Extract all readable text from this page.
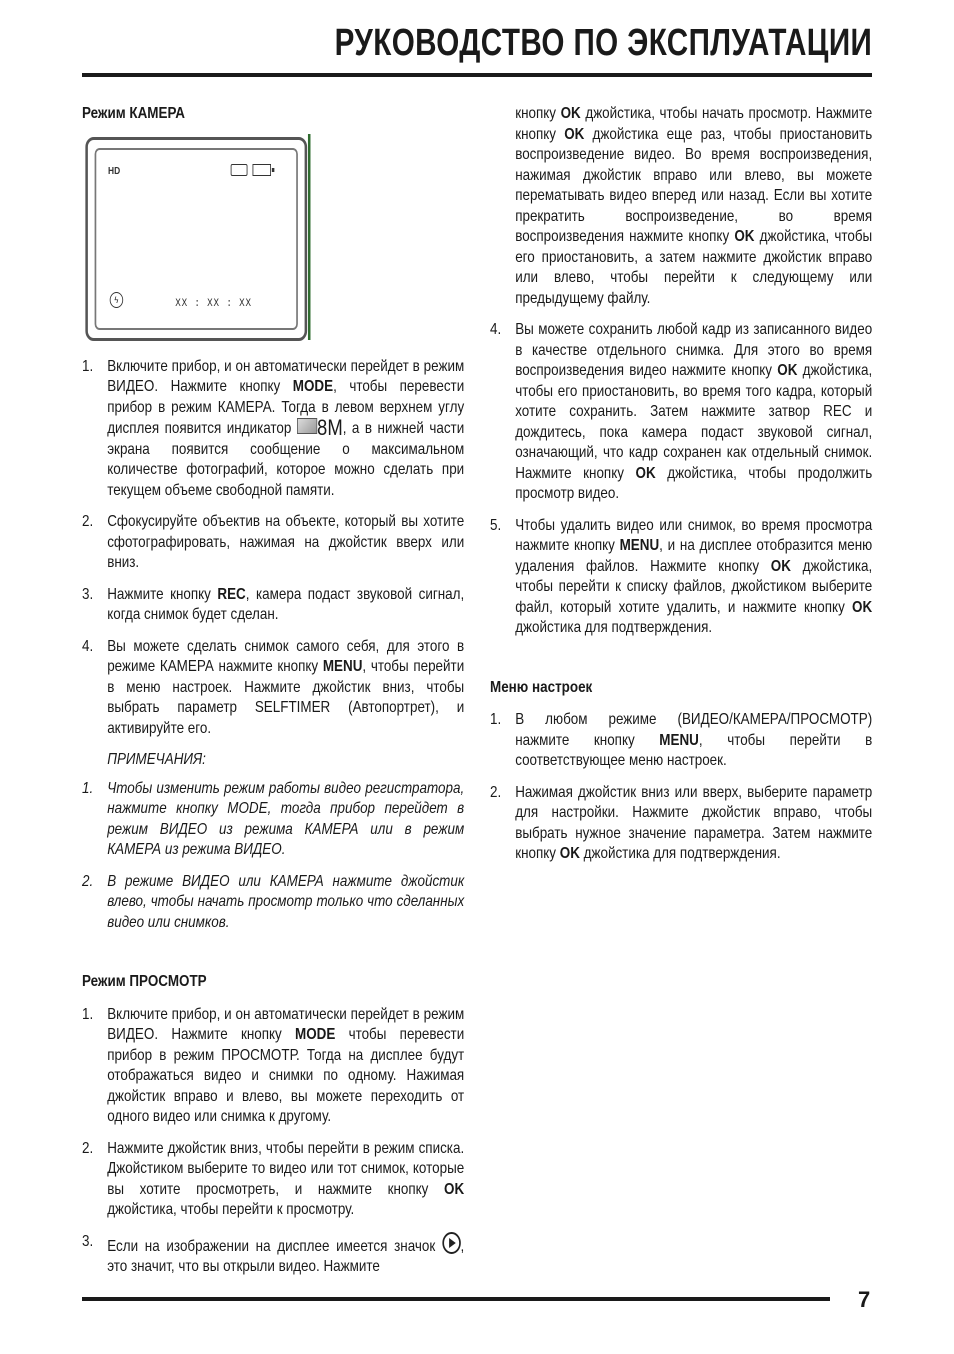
РУКОВОДСТВО ПО ЭКСПЛУАТАЦИИ
Режим КАМЕРА
HD
ϟ	XX : XX : XX
1. Включите прибор, и он автоматически перейдет в режим ВИДЕО. Нажмите кнопку MODE, чтобы перевести прибор в режим КАМЕРА. Тогда в левом верхнем углу дисплея появится индикатор 8M, а в нижней части экрана появится сообщение о максимальном количестве фотографий, которое можно сделать при текущем объеме свободной памяти.
2. Сфокусируйте объектив на объекте, который вы хотите сфотографировать, нажимая на джойстик вверх или вниз.
3. Нажмите кнопку REC, камера подаст звуковой сигнал, когда снимок будет сделан.
4. Вы можете сделать снимок самого себя, для этого в режиме КАМЕРА нажмите кнопку MENU, чтобы перейти в меню настроек. Нажмите джойстик вниз, чтобы выбрать параметр SELFTIMER (Автопортрет), и активируйте его.
ПРИМЕЧАНИЯ:
1. Чтобы изменить режим работы видео регистратора, нажмите кнопку MODE, тогда прибор перейдет в режим ВИДЕО из режима КАМЕРА или в режим КАМЕРА из режима ВИДЕО.
2. В режиме ВИДЕО или КАМЕРА нажмите джойстик влево, чтобы начать просмотр только что сделанных видео или снимков.
Режим ПРОСМОТР
1. Включите прибор, и он автоматически перейдет в режим ВИДЕО. Нажмите кнопку MODE чтобы перевести прибор в режим ПРОСМОТР. Тогда на дисплее будут отображаться видео и снимки по одному. Нажимая джойстик вправо и влево, вы можете переходить от одного видео или снимка к другому.
2. Нажмите джойстик вниз, чтобы перейти в режим списка. Джойстиком выберите то видео или тот снимок, которые вы хотите просмотреть, и нажмите кнопку OK джойстика, чтобы перейти к просмотру.
3. Если на изображении на дисплее имеется значок , это значит, что вы открыли видео. Нажмите
кнопку OK джойстика, чтобы начать просмотр. Нажмите кнопку OK джойстика еще раз, чтобы приостановить воспроизведение видео. Во время воспроизведения, нажимая джойстик вправо или влево, вы можете перематывать видео вперед или назад. Если вы хотите прекратить воспроизведение, во время воспроизведения нажмите кнопку OK джойстика, чтобы его приостановить, а затем нажмите джойстик вправо или влево, чтобы перейти к следующему или предыдущему файлу.
4. Вы можете сохранить любой кадр из записанного видео в качестве отдельного снимка. Для этого во время воспроизведения видео нажмите кнопку OK джойстика, чтобы его приостановить, во время того кадра, который хотите сохранить. Затем нажмите затвор REC и дождитесь, пока камера подаст звуковой сигнал, означающий, что кадр сохранен как отдельный снимок. Нажмите кнопку OK джойстика, чтобы продолжить просмотр видео.
5. Чтобы удалить видео или снимок, во время просмотра нажмите кнопку MENU, и на дисплее отобразится меню удаления файлов. Нажмите кнопку OK джойстика, чтобы перейти к списку файлов, джойстиком выберите файл, который хотите удалить, и нажмите кнопку OK джойстика для подтверждения.
Меню настроек
1. В любом режиме (ВИДЕО/КАМЕРА/ПРОСМОТР) нажмите кнопку MENU, чтобы перейти в соответствующее меню настроек.
2. Нажимая джойстик вниз или вверх, выберите параметр для настройки. Нажмите джойстик вправо, чтобы выбрать нужное значение параметра. Затем нажмите кнопку OK джойстика для подтверждения.
7
